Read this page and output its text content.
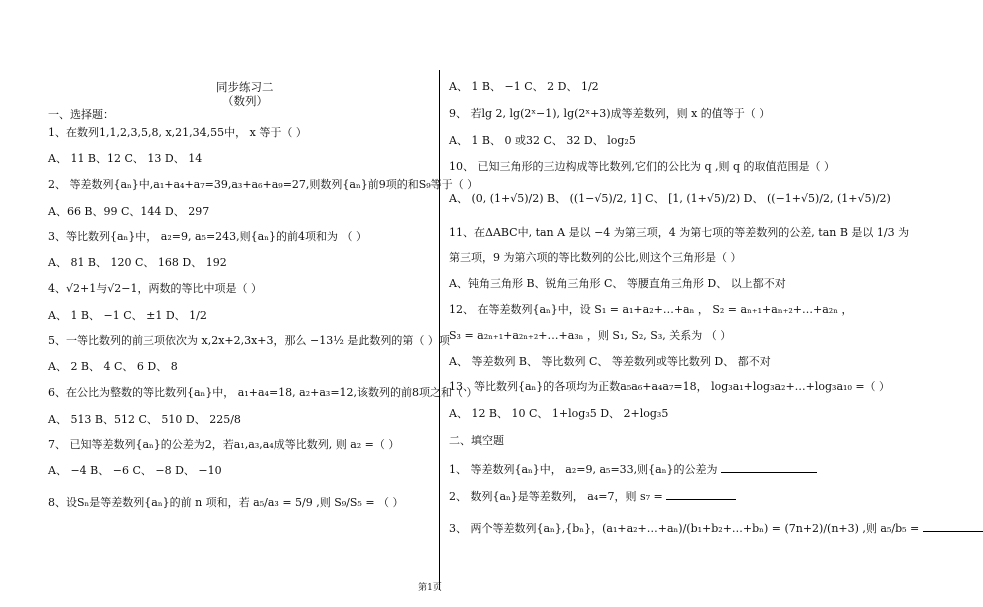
同步练习二
（数列）
一、选择题：
1、在数列1,1,2,3,5,8, x,21,34,55中， x 等于（ ）
A、 11 B、12 C、 13 D、 14
2、 等差数列{aₙ}中,a₁+a₄+a₇=39,a₃+a₆+a₉=27,则数列{aₙ}前9项的和S₉等于（ ）
A、66 B、99 C、144 D、 297
3、等比数列{aₙ}中， a₂=9, a₅=243,则{aₙ}的前4项和为 （ ）
A、 81 B、 120 C、 168 D、 192
4、√2+1与√2−1，两数的等比中项是（ ）
A、 1 B、 −1 C、 ±1 D、 1/2
5、一等比数列的前三项依次为 x,2x+2,3x+3，那么 −13½ 是此数列的第（ ）项
A、 2 B、 4 C、 6 D、 8
6、在公比为整数的等比数列{aₙ}中， a₁+a₄=18, a₂+a₃=12,该数列的前8项之和（ ）
A、 513 B、512 C、 510 D、 225/8
7、 已知等差数列{aₙ}的公差为2，若a₁,a₃,a₄成等比数列, 则 a₂ =（ ）
A、 −4 B、 −6 C、 −8 D、 −10
8、设Sₙ是等差数列{aₙ}的前 n 项和，若 a₅/a₃ = 5/9 ,则 S₉/S₅ = （ ）
A、 1 B、 −1 C、 2 D、 1/2
9、 若lg 2, lg(2ˣ−1), lg(2ˣ+3)成等差数列，则 x 的值等于（ ）
A、 1 B、 0 或32 C、 32 D、 log₂5
10、 已知三角形的三边构成等比数列,它们的公比为 q ,则 q 的取值范围是（ ）
A、 (0, (1+√5)/2) B、 ((1−√5)/2, 1] C、 [1, (1+√5)/2) D、 ((−1+√5)/2, (1+√5)/2)
11、在ΔABC中, tan A 是以 −4 为第三项，4 为第七项的等差数列的公差, tan B 是以 1/3 为
第三项，9 为第六项的等比数列的公比,则这个三角形是（ ）
A、钝角三角形 B、锐角三角形 C、 等腰直角三角形 D、 以上都不对
12、 在等差数列{aₙ}中，设 S₁ = a₁+a₂+…+aₙ ， S₂ = aₙ₊₁+aₙ₊₂+…+a₂ₙ ，
S₃ = a₂ₙ₊₁+a₂ₙ₊₂+…+a₃ₙ ，则 S₁, S₂, S₃, 关系为 （ ）
A、 等差数列 B、 等比数列 C、 等差数列或等比数列 D、 都不对
13、等比数列{aₙ}的各项均为正数a₅a₆+a₄a₇=18， log₃a₁+log₃a₂+…+log₃a₁₀ =（ ）
A、 12 B、 10 C、 1+log₃5 D、 2+log₃5
二、填空题
1、 等差数列{aₙ}中， a₂=9, a₅=33,则{aₙ}的公差为
2、 数列{aₙ}是等差数列， a₄=7，则 s₇ =
3、 两个等差数列{aₙ},{bₙ}，(a₁+a₂+…+aₙ)/(b₁+b₂+…+bₙ) = (7n+2)/(n+3) ,则 a₅/b₅ =
第1页
